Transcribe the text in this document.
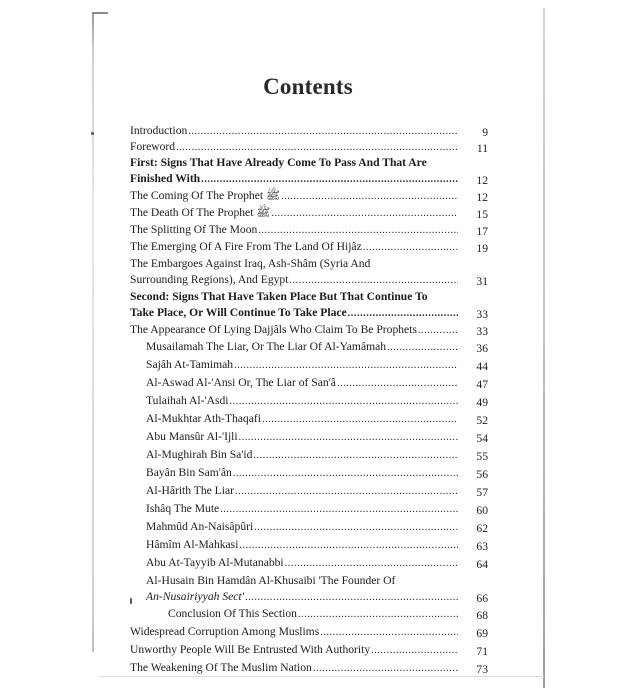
Contents
Introduction .....	9
Foreword .....	11
First: Signs That Have Already Come To Pass And That Are
Finished With .....	12
The Coming Of The Prophet ﷺ .....	12
The Death Of The Prophet ﷺ .....	15
The Splitting Of The Moon .....	17
The Emerging Of A Fire From The Land Of Hijâz .....	19
The Embargoes Against Iraq, Ash-Shâm (Syria And
Surrounding Regions), And Egypt .....	31
Second: Signs That Have Taken Place But That Continue To
Take Place, Or Will Continue To Take Place .....	33
The Appearance Of Lying Dajjâls Who Claim To Be Prophets .....	33
Musailamah The Liar, Or The Liar Of Al-Yamâmah .....	36
Sajâh At-Tamimah .....	44
Al-Aswad Al-'Ansi Or, The Liar of San'â .....	47
Tulaihah Al-'Asdi .....	49
Al-Mukhtar Ath-Thaqafi .....	52
Abu Mansûr Al-'Ijli .....	54
Al-Mughirah Bin Sa'id .....	55
Bayân Bin Sam'ân .....	56
Al-Hârith The Liar .....	57
Ishâq The Mute .....	60
Mahmûd An-Naisâpûri .....	62
Hâmîm Al-Mahkasi .....	63
Abu At-Tayyib Al-Mutanabbi .....	64
Al-Husain Bin Hamdân Al-Khusaibi 'The Founder Of
An-Nusairiyyah Sect' .....	66
Conclusion Of This Section .....	68
Widespread Corruption Among Muslims .....	69
Unworthy People Will Be Entrusted With Authority .....	71
The Weakening Of The Muslim Nation .....	73
